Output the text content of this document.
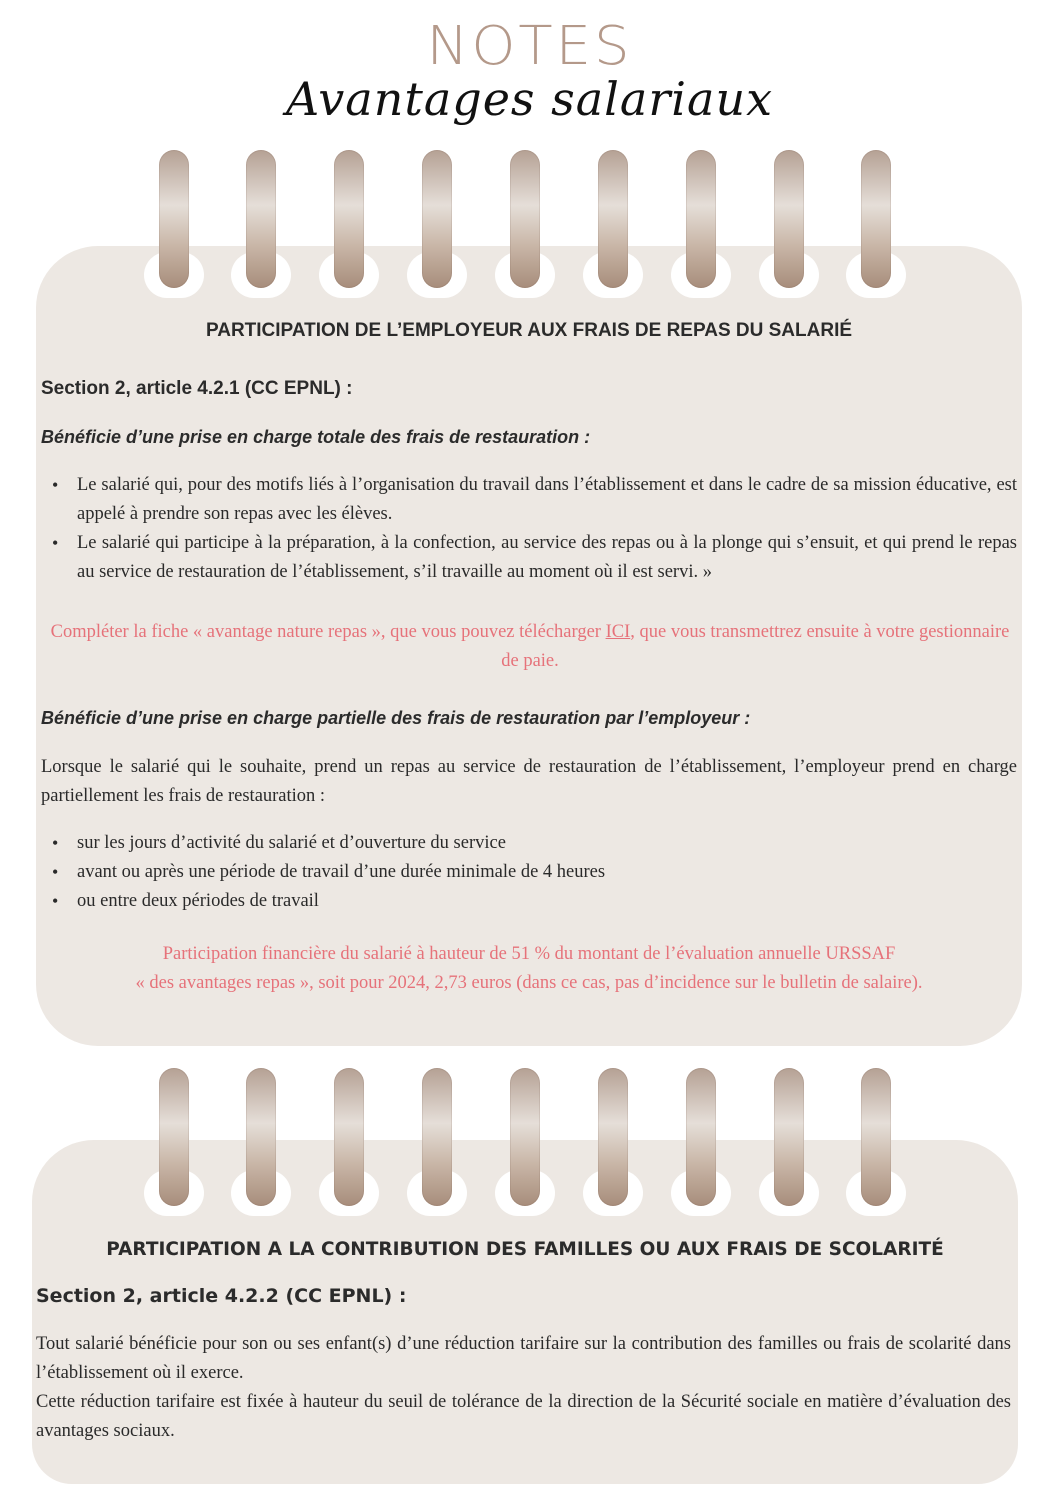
NOTES
Avantages salariaux
PARTICIPATION DE L’EMPLOYEUR AUX FRAIS DE REPAS DU SALARIÉ
Section 2, article 4.2.1 (CC EPNL) :
Bénéficie d’une prise en charge totale des frais de restauration :
• Le salarié qui, pour des motifs liés à l’organisation du travail dans l’établissement et dans le cadre de sa mission éducative, est appelé à prendre son repas avec les élèves.
• Le salarié qui participe à la préparation, à la confection, au service des repas ou à la plonge qui s’ensuit, et qui prend le repas au service de restauration de l’établissement, s’il travaille au moment où il est servi. »
Compléter la fiche « avantage nature repas », que vous pouvez télécharger ICI, que vous transmettrez ensuite à votre gestionnaire de paie.
Bénéficie d’une prise en charge partielle des frais de restauration par l’employeur :
Lorsque le salarié qui le souhaite, prend un repas au service de restauration de l’établissement, l’employeur prend en charge partiellement les frais de restauration :
• sur les jours d’activité du salarié et d’ouverture du service
• avant ou après une période de travail d’une durée minimale de 4 heures
• ou entre deux périodes de travail
Participation financière du salarié à hauteur de 51 % du montant de l’évaluation annuelle URSSAF
« des avantages repas », soit pour 2024, 2,73 euros (dans ce cas, pas d’incidence sur le bulletin de salaire).
PARTICIPATION A LA CONTRIBUTION DES FAMILLES OU AUX FRAIS DE SCOLARITÉ
Section 2, article 4.2.2 (CC EPNL) :
Tout salarié bénéficie pour son ou ses enfant(s) d’une réduction tarifaire sur la contribution des familles ou frais de scolarité dans l’établissement où il exerce.
Cette réduction tarifaire est fixée à hauteur du seuil de tolérance de la direction de la Sécurité sociale en matière d’évaluation des avantages sociaux.
